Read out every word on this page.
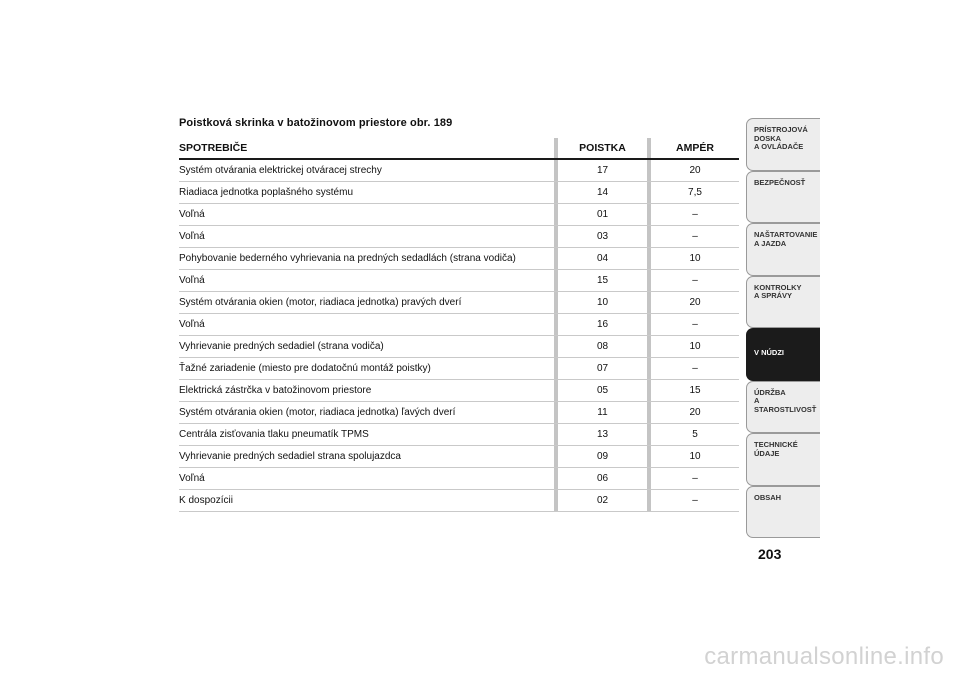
Poistková skrinka v batožinovom priestore obr. 189
SPOTREBIČE		POISTKA		AMPÉR
Systém otvárania elektrickej otváracej strechy		17		20
Riadiaca jednotka poplašného systému		14		7,5
Voľná		01		–
Voľná		03		–
Pohybovanie bederného vyhrievania na predných sedadlách (strana vodiča)		04		10
Voľná		15		–
Systém otvárania okien (motor, riadiaca jednotka) pravých dverí		10		20
Voľná		16		–
Vyhrievanie predných sedadiel (strana vodiča)		08		10
Ťažné zariadenie (miesto pre dodatočnú montáž poistky)		07		–
Elektrická zástrčka v batožinovom priestore		05		15
Systém otvárania okien (motor, riadiaca jednotka) ľavých dverí		11		20
Centrála zisťovania tlaku pneumatík TPMS		13		5
Vyhrievanie predných sedadiel strana spolujazdca		09		10
Voľná		06		–
K dospozícii		02		–
PRÍSTROJOVÁ
DOSKA
A OVLÁDAČE
BEZPEČNOSŤ
NAŠTARTOVANIE
A JAZDA
KONTROLKY
A SPRÁVY
V NÚDZI
ÚDRŽBA
A STAROSTLIVOSŤ
TECHNICKÉ ÚDAJE
OBSAH
203
carmanualsonline.info
